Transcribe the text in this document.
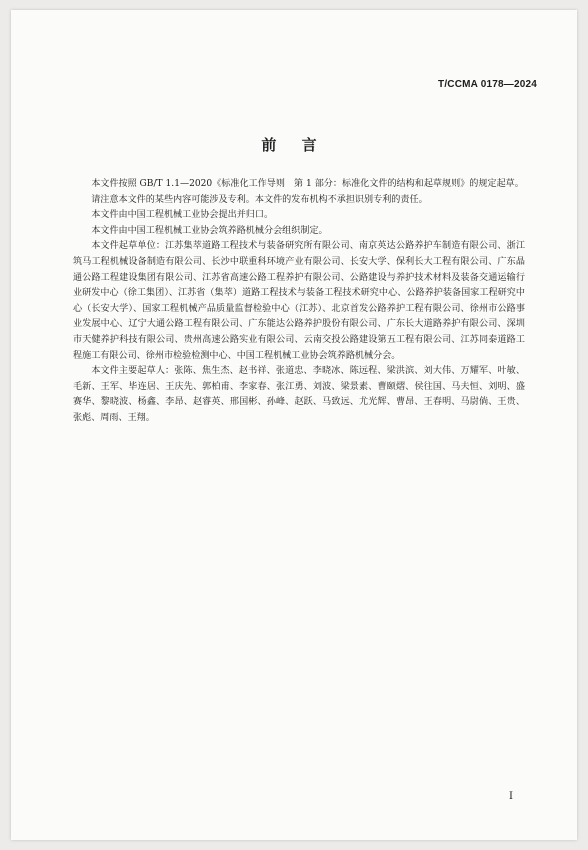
T/CCMA 0178—2024
前 言

本文件按照 GB/T 1.1—2020《标准化工作导则　第 1 部分：标准化文件的结构和起草规则》的规定起草。

请注意本文件的某些内容可能涉及专利。本文件的发布机构不承担识别专利的责任。

本文件由中国工程机械工业协会提出并归口。

本文件由中国工程机械工业协会筑养路机械分会组织制定。

本文件起草单位：江苏集萃道路工程技术与装备研究所有限公司、南京英达公路养护车制造有限公司、浙江筑马工程机械设备制造有限公司、长沙中联重科环境产业有限公司、长安大学、保利长大工程有限公司、广东晶通公路工程建设集团有限公司、江苏省高速公路工程养护有限公司、公路建设与养护技术材料及装备交通运输行业研发中心（徐工集团）、江苏省（集萃）道路工程技术与装备工程技术研究中心、公路养护装备国家工程研究中心（长安大学）、国家工程机械产品质量监督检验中心（江苏）、北京首发公路养护工程有限公司、徐州市公路事业发展中心、辽宁大通公路工程有限公司、广东能达公路养护股份有限公司、广东长大道路养护有限公司、深圳市天健养护科技有限公司、贵州高速公路实业有限公司、云南交投公路建设第五工程有限公司、江苏同泰道路工程施工有限公司、徐州市检验检测中心、中国工程机械工业协会筑养路机械分会。

本文件主要起草人：张陈、焦生杰、赵书祥、张道忠、李晓冰、陈远程、梁洪滨、刘大伟、万耀军、叶敏、毛新、王军、毕连居、王庆先、郭柏甫、李家春、张江勇、刘波、梁景素、曹颐熠、侯往国、马夫恒、刘明、盛赛华、黎晓波、杨鑫、李昂、赵睿英、邢国彬、孙峰、赵跃、马致远、尤光辉、曹昂、王春明、马尉倘、王贵、张彪、周雨、王翔。

I
